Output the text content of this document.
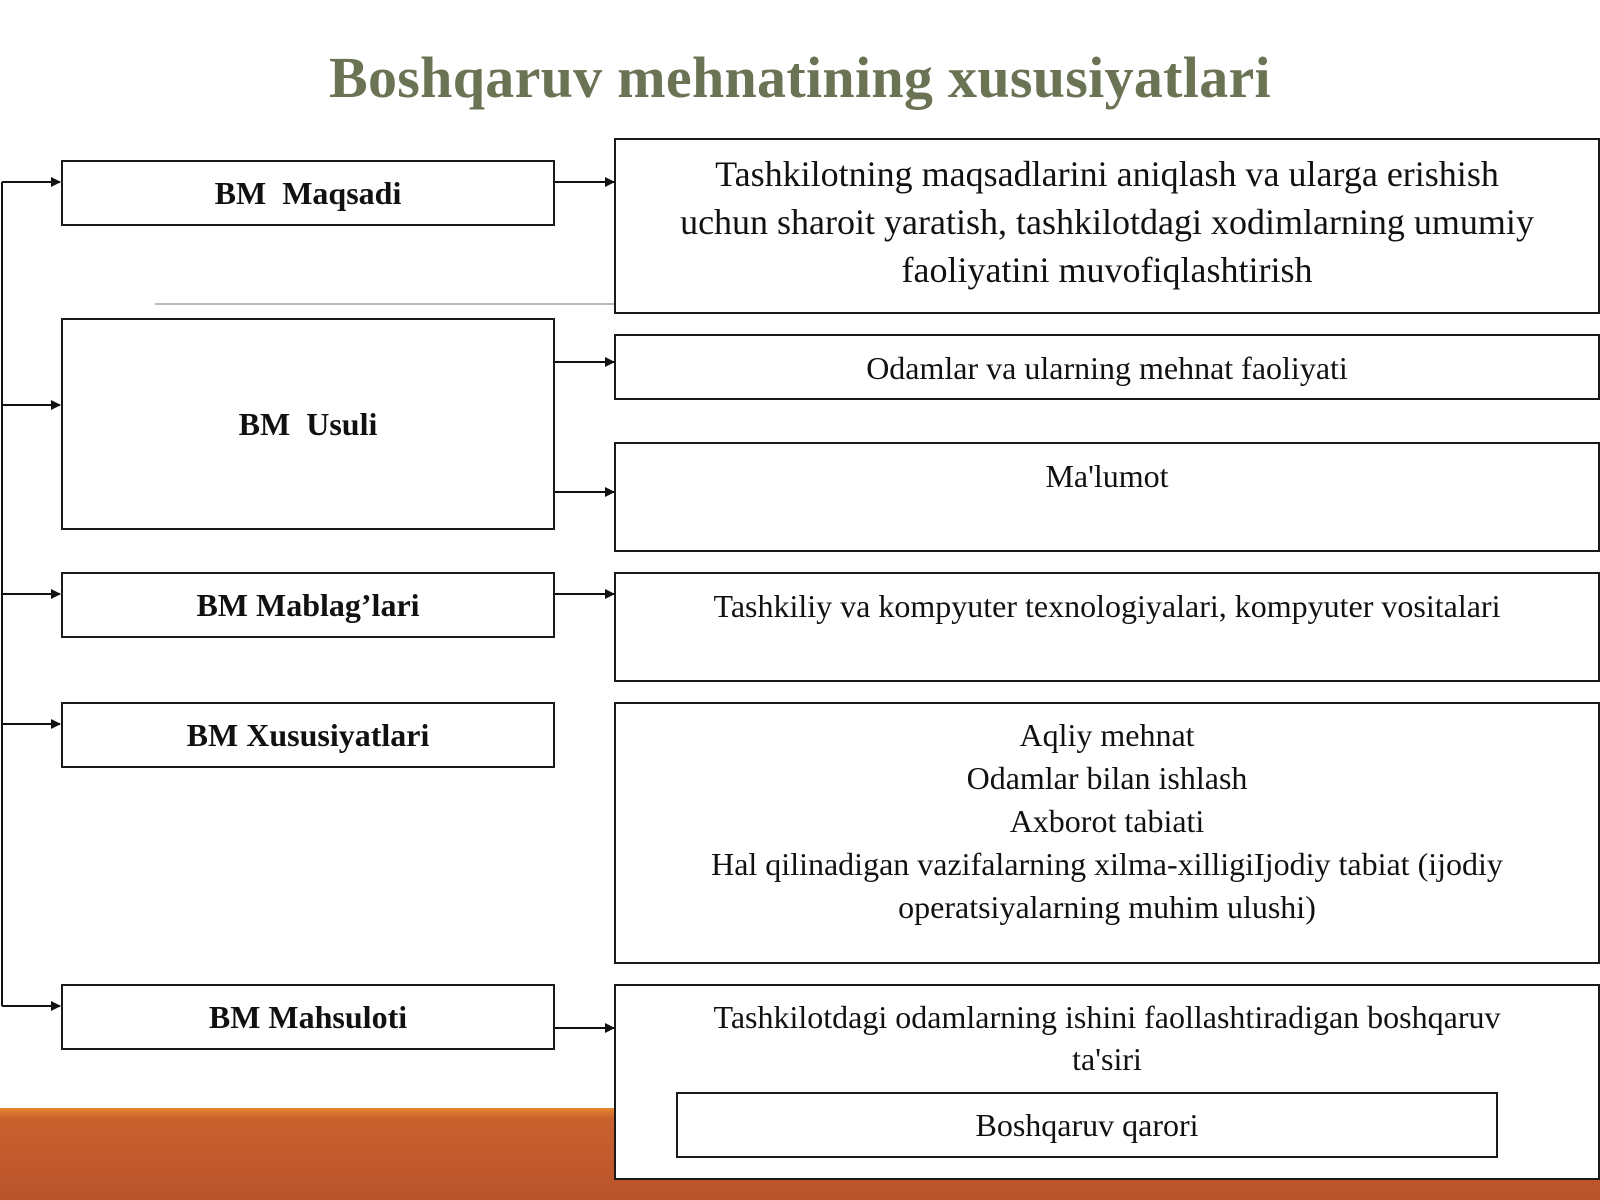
Boshqaruv mehnatining xususiyatlari
BM  Maqsadi
BM  Usuli
BM Mablag’lari
BM Xususiyatlari
BM Mahsuloti
Tashkilotning maqsadlarini aniqlash va ularga erishish
uchun sharoit yaratish, tashkilotdagi xodimlarning umumiy
faoliyatini muvofiqlashtirish
Odamlar va ularning mehnat faoliyati
Ma'lumot
Tashkiliy va kompyuter texnologiyalari, kompyuter vositalari
Aqliy mehnat
Odamlar bilan ishlash
Axborot tabiati
Hal qilinadigan vazifalarning xilma-xilligiIjodiy tabiat (ijodiy
operatsiyalarning muhim ulushi)
Tashkilotdagi odamlarning ishini faollashtiradigan boshqaruv
ta'siri
Boshqaruv qarori
